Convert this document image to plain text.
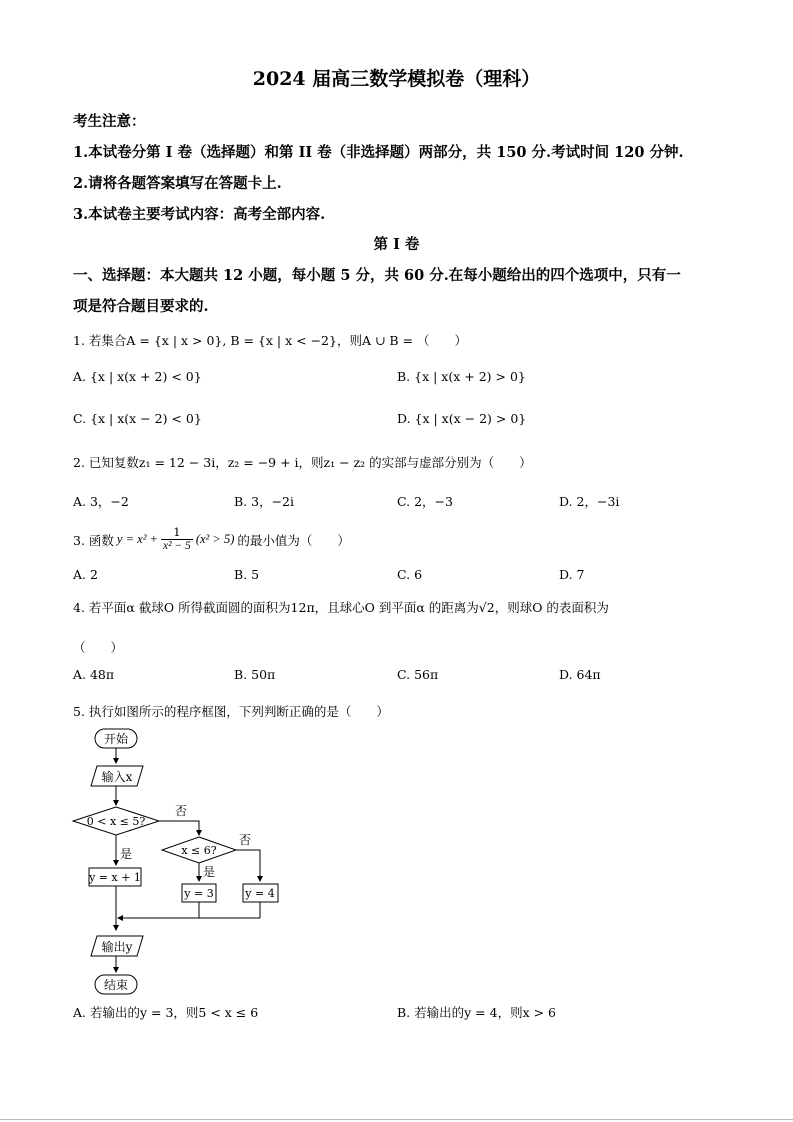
2024 届高三数学模拟卷（理科）
考生注意：
1.本试卷分第 I 卷（选择题）和第 II 卷（非选择题）两部分，共 150 分.考试时间 120 分钟.
2.请将各题答案填写在答题卡上.
3.本试卷主要考试内容：高考全部内容.
第 I 卷
一、选择题：本大题共 12 小题，每小题 5 分，共 60 分.在每小题给出的四个选项中，只有一
项是符合题目要求的.
1. 若集合A = {x | x > 0}, B = {x | x < −2}，则A ∪ B = （　　）
A. {x | x(x + 2) < 0}	B. {x | x(x + 2) > 0}
C. {x | x(x − 2) < 0}	D. {x | x(x − 2) > 0}
2. 已知复数z₁ = 12 − 3i，z₂ = −9 + i，则z₁ − z₂ 的实部与虚部分别为（　　）
A. 3，−2	B. 3，−2i	C. 2，−3	D. 2，−3i
3. 函数 $y = x^2 + \frac{1}{\text{x² − 5}} (x^2 > 5)$ 的最小值为（　　）
A. 2	B. 5	C. 6	D. 7
4. 若平面α 截球O 所得截面圆的面积为12π，且球心O 到平面α 的距离为√2，则球O 的表面积为
（　　）
A. 48π	B. 50π	C. 56π	D. 64π
5. 执行如图所示的程序框图，下列判断正确的是（　　）
开始
输入x
0 < x ≤ 5?
否
是
y = x + 1
x ≤ 6?
否
是
y = 3	y = 4
输出y
结束
A. 若输出的y = 3，则5 < x ≤ 6	B. 若输出的y = 4，则x > 6
